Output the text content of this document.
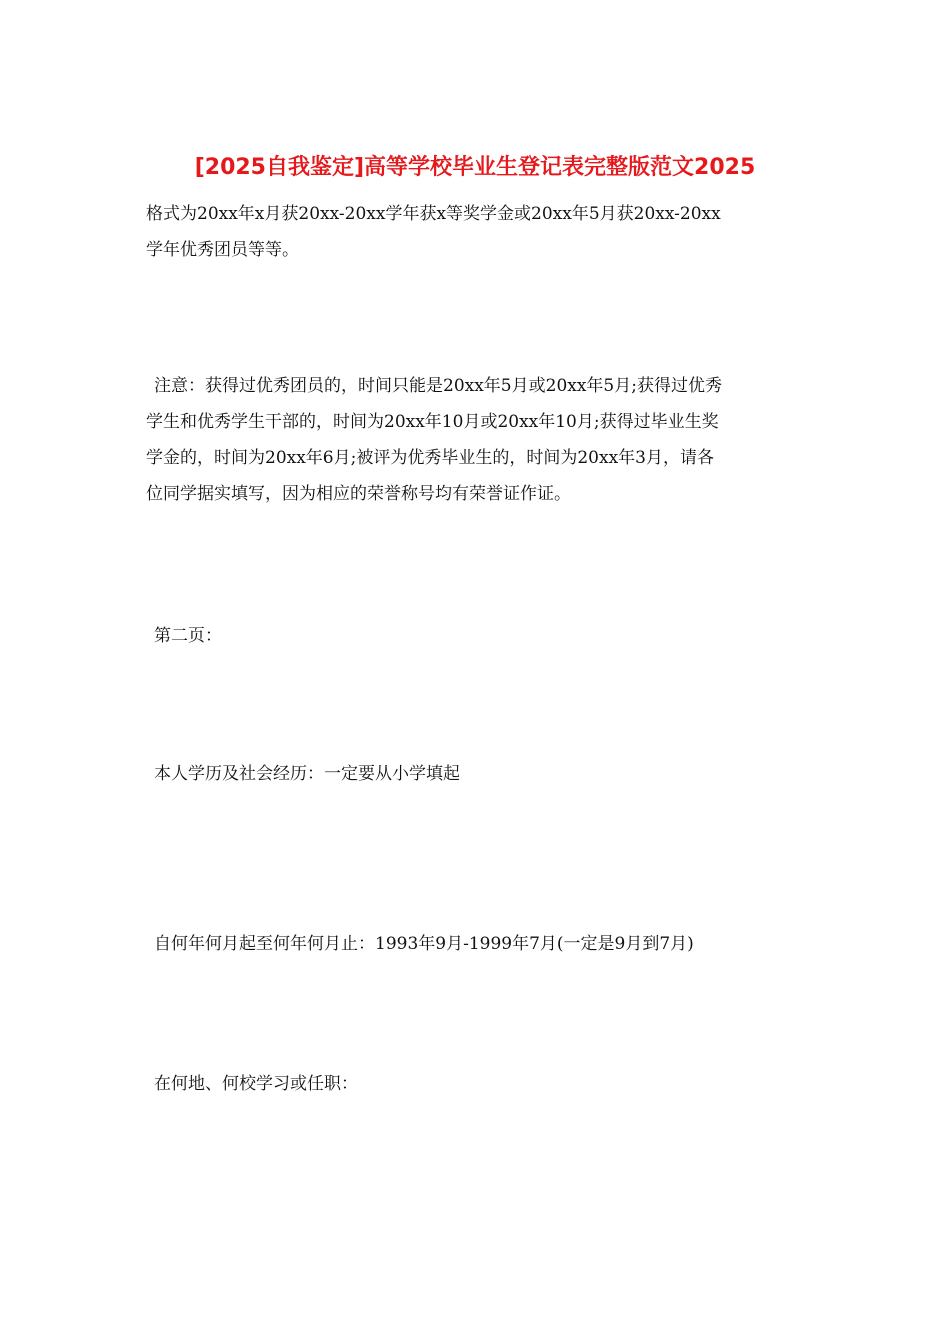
[2025自我鉴定]高等学校毕业生登记表完整版范文2025

格式为20xx年x月获20xx-20xx学年获x等奖学金或20xx年5月获20xx-20xx
学年优秀团员等等。

注意：获得过优秀团员的，时间只能是20xx年5月或20xx年5月;获得过优秀
学生和优秀学生干部的，时间为20xx年10月或20xx年10月;获得过毕业生奖
学金的，时间为20xx年6月;被评为优秀毕业生的，时间为20xx年3月，请各
位同学据实填写，因为相应的荣誉称号均有荣誉证作证。

第二页：

本人学历及社会经历：一定要从小学填起

自何年何月起至何年何月止：1993年9月-1999年7月(一定是9月到7月)

在何地、何校学习或任职：
